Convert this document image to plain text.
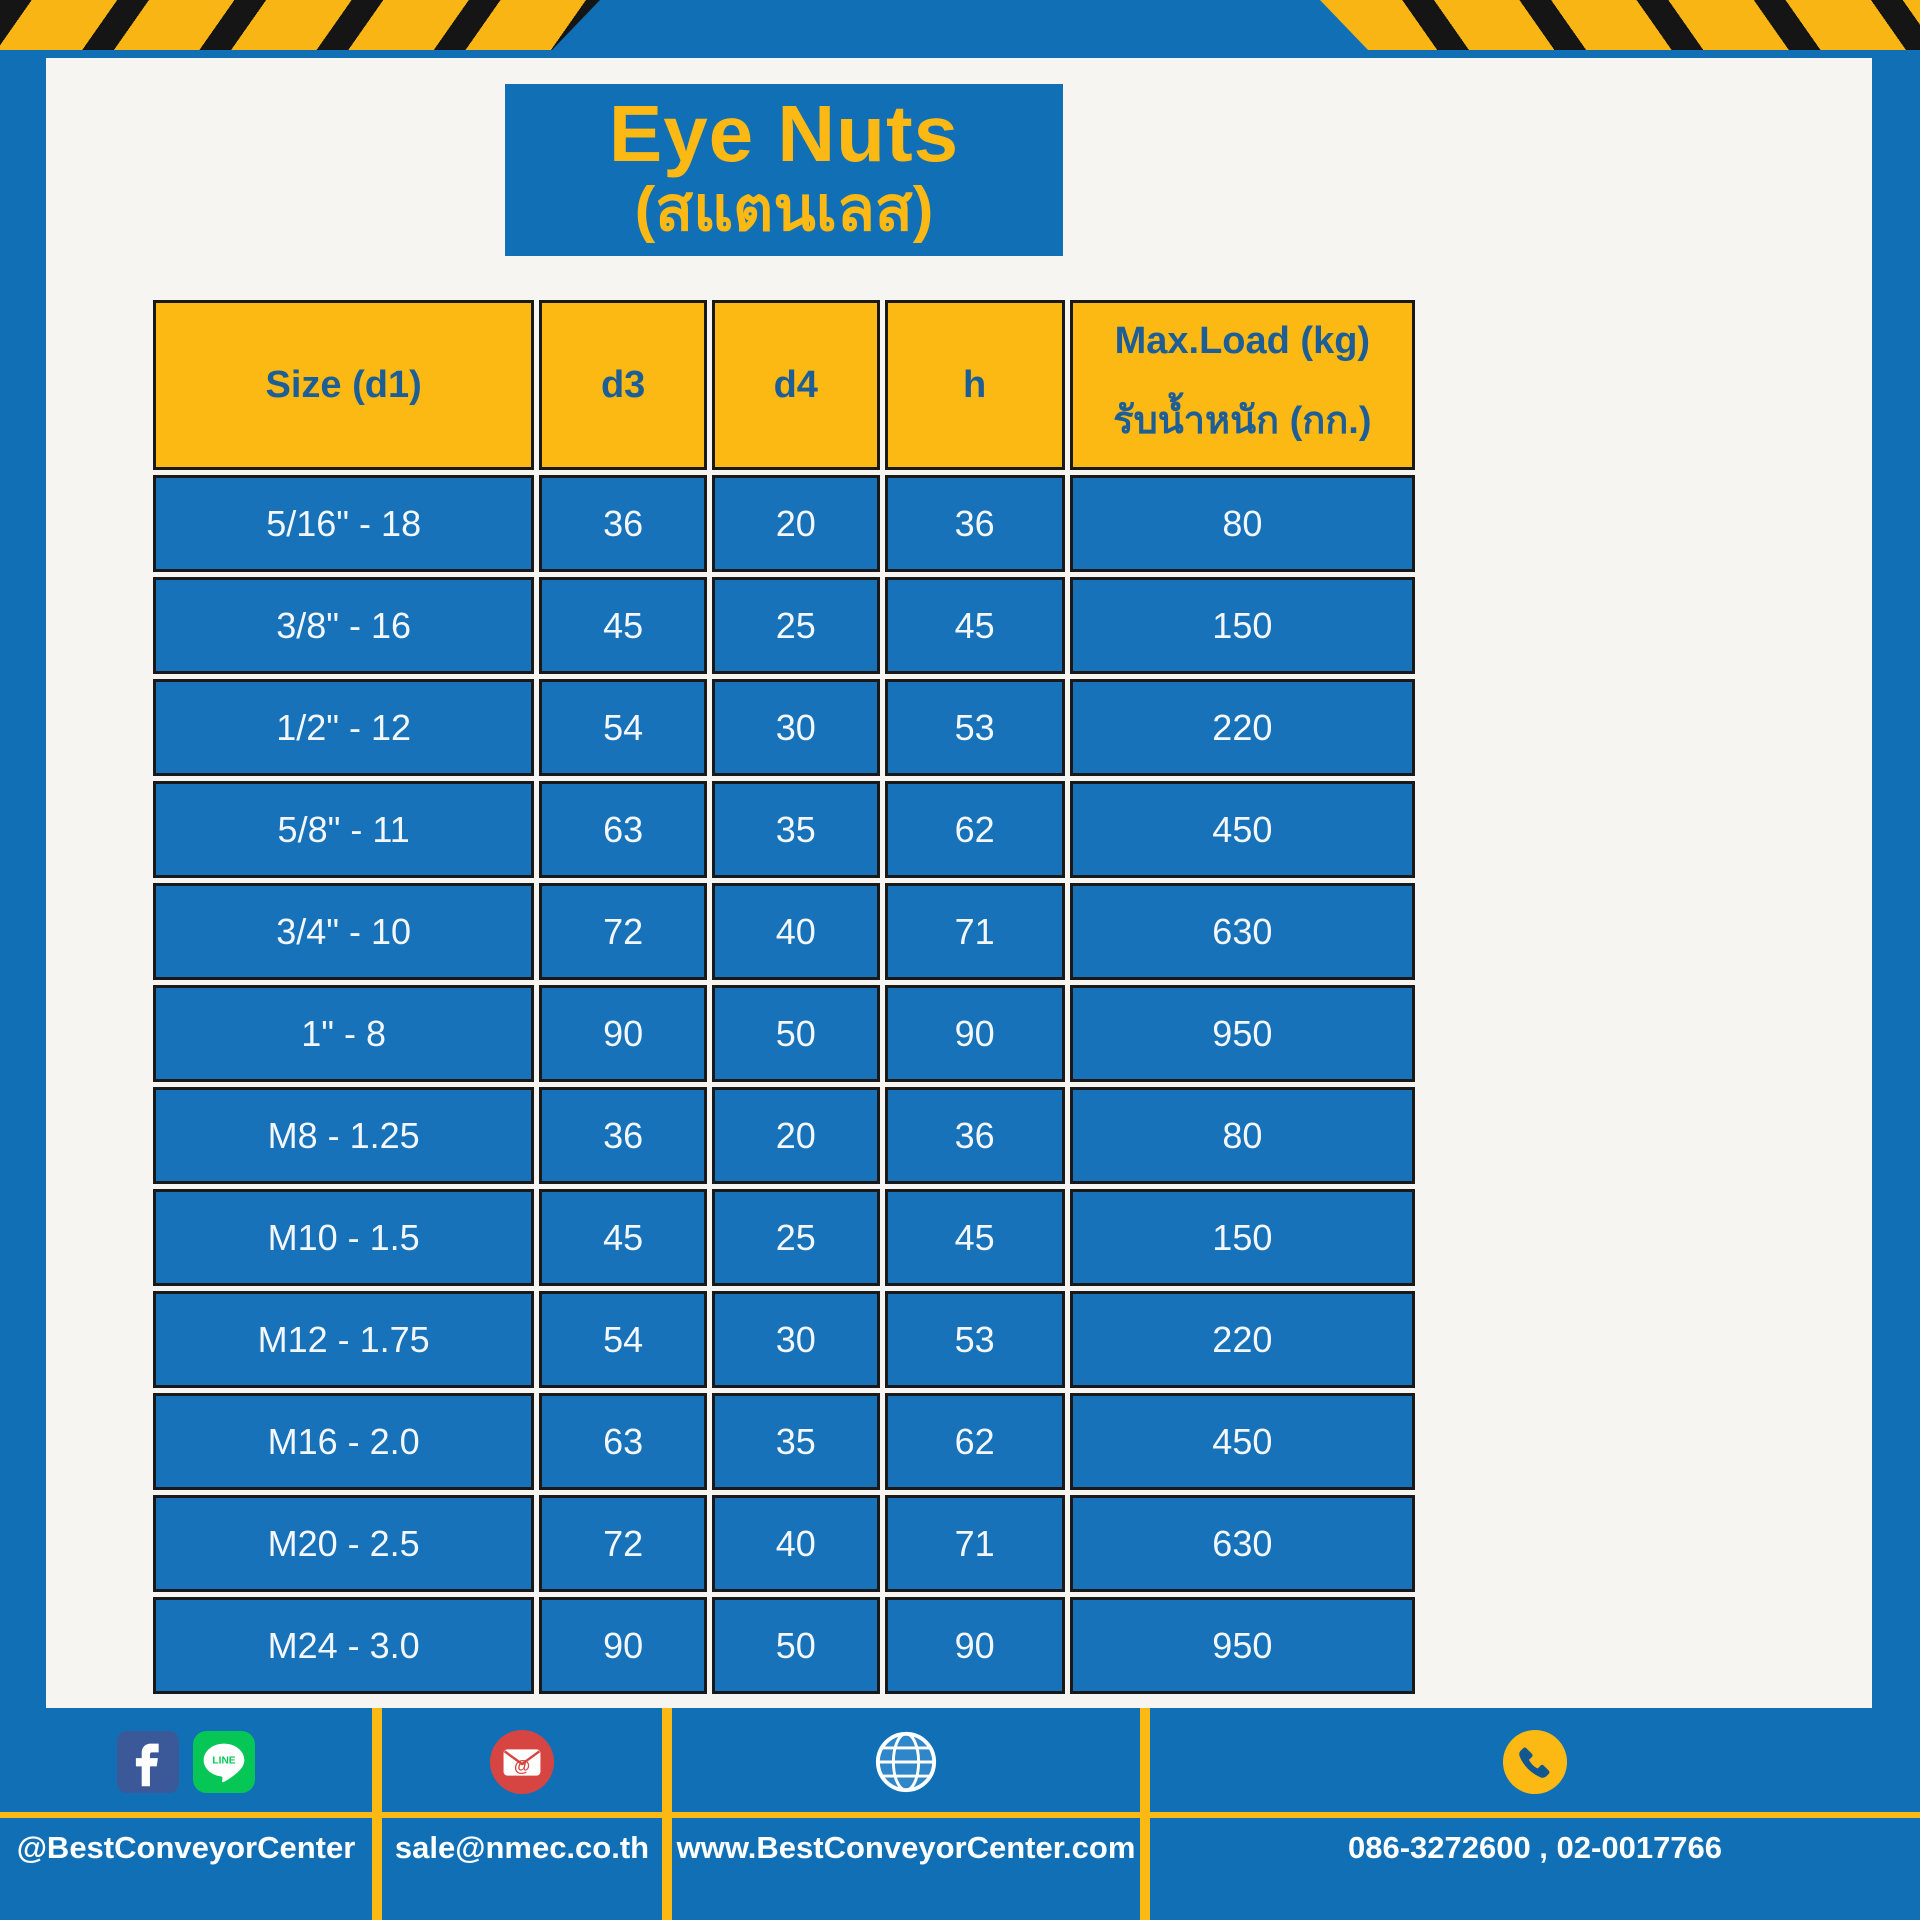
Eye Nuts
(สแตนเลส)
Size (d1)	d3	d4	h	Max.Load (kg)
รับน้ำหนัก (กก.)

5/16" - 18	36	20	36	80
3/8" - 16	45	25	45	150
1/2" - 12	54	30	53	220
5/8" - 11	63	35	62	450
3/4" - 10	72	40	71	630
1" - 8	90	50	90	950
M8 - 1.25	36	20	36	80
M10 - 1.5	45	25	45	150
M12 - 1.75	54	30	53	220
M16 - 2.0	63	35	62	450
M20 - 2.5	72	40	71	630
M24 - 3.0	90	50	90	950
LINE
@BestConveyorCenter
@
sale@nmec.co.th www.BestConveyorCenter.com	086-3272600 , 02-0017766
